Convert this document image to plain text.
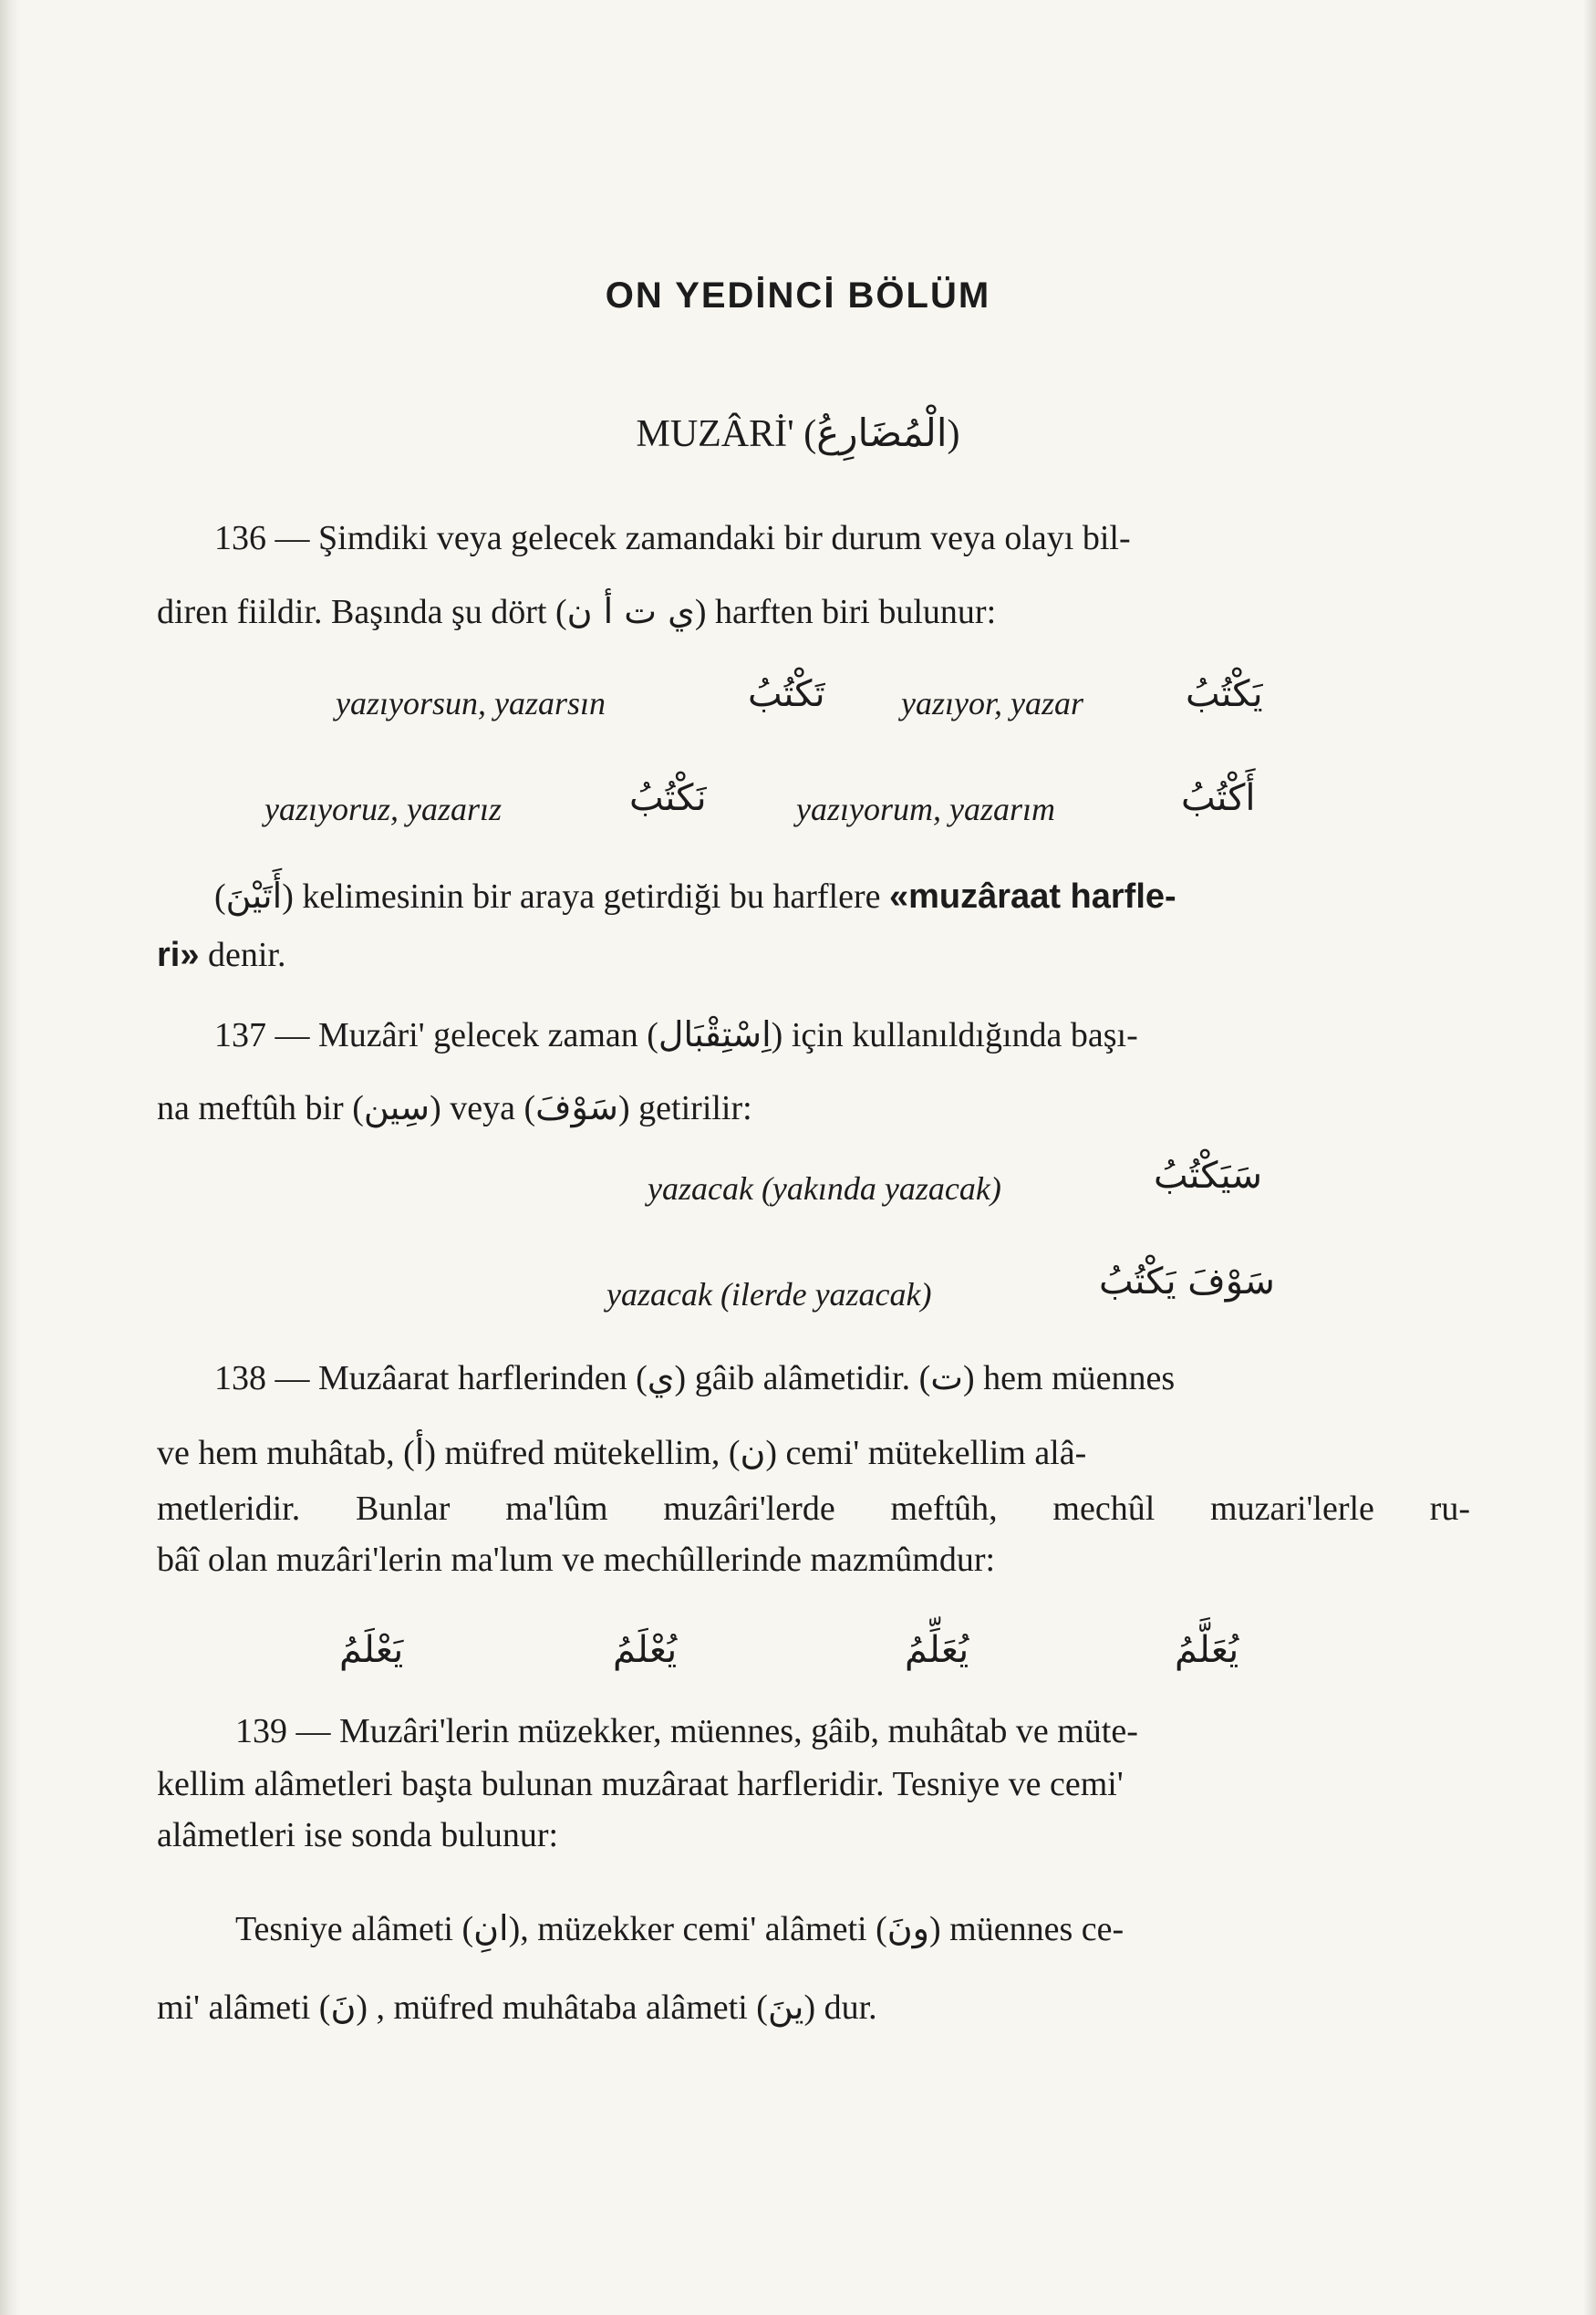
ON YEDİNCİ BÖLÜM
MUZÂRİ' (الْمُضَارِعُ)
136 — Şimdiki veya gelecek zamandaki bir durum veya olayı bil-
diren fiildir. Başında şu dört (ي ت أ ن) harften biri bulunur:
yazıyorsun, yazarsın	تَكْتُبُ yazıyor, yazar	يَكْتُبُ
yazıyoruz, yazarız	نَكْتُبُ	yazıyorum, yazarım	أَكْتُبُ
(أَتَيْنَ) kelimesinin bir araya getirdiği bu harflere «muzâraat harfle-
ri» denir.
137 — Muzâri' gelecek zaman (اِسْتِقْبَال) için kullanıldığında başı-
na meftûh bir (سِين) veya (سَوْفَ) getirilir:
yazacak (yakında yazacak)	سَيَكْتُبُ
yazacak (ilerde yazacak)	سَوْفَ يَكْتُبُ
138 — Muzâarat harflerinden (ي) gâib alâmetidir. (ت) hem müennes
ve hem muhâtab, (أ) müfred mütekellim, (ن) cemi' mütekellim alâ-
metleridir. Bunlar ma'lûm muzâri'lerde meftûh, mechûl muzari'lerle ru-
bâî olan muzâri'lerin ma'lum ve mechûllerinde mazmûmdur:
يَعْلَمُ	يُعْلَمُ	يُعَلِّمُ	يُعَلَّمُ
139 — Muzâri'lerin müzekker, müennes, gâib, muhâtab ve müte-
kellim alâmetleri başta bulunan muzâraat harfleridir. Tesniye ve cemi'
alâmetleri ise sonda bulunur:
Tesniye alâmeti (انِ), müzekker cemi' alâmeti (ونَ) müennes ce-
mi' alâmeti (نَ) , müfred muhâtaba alâmeti (ينَ) dur.
